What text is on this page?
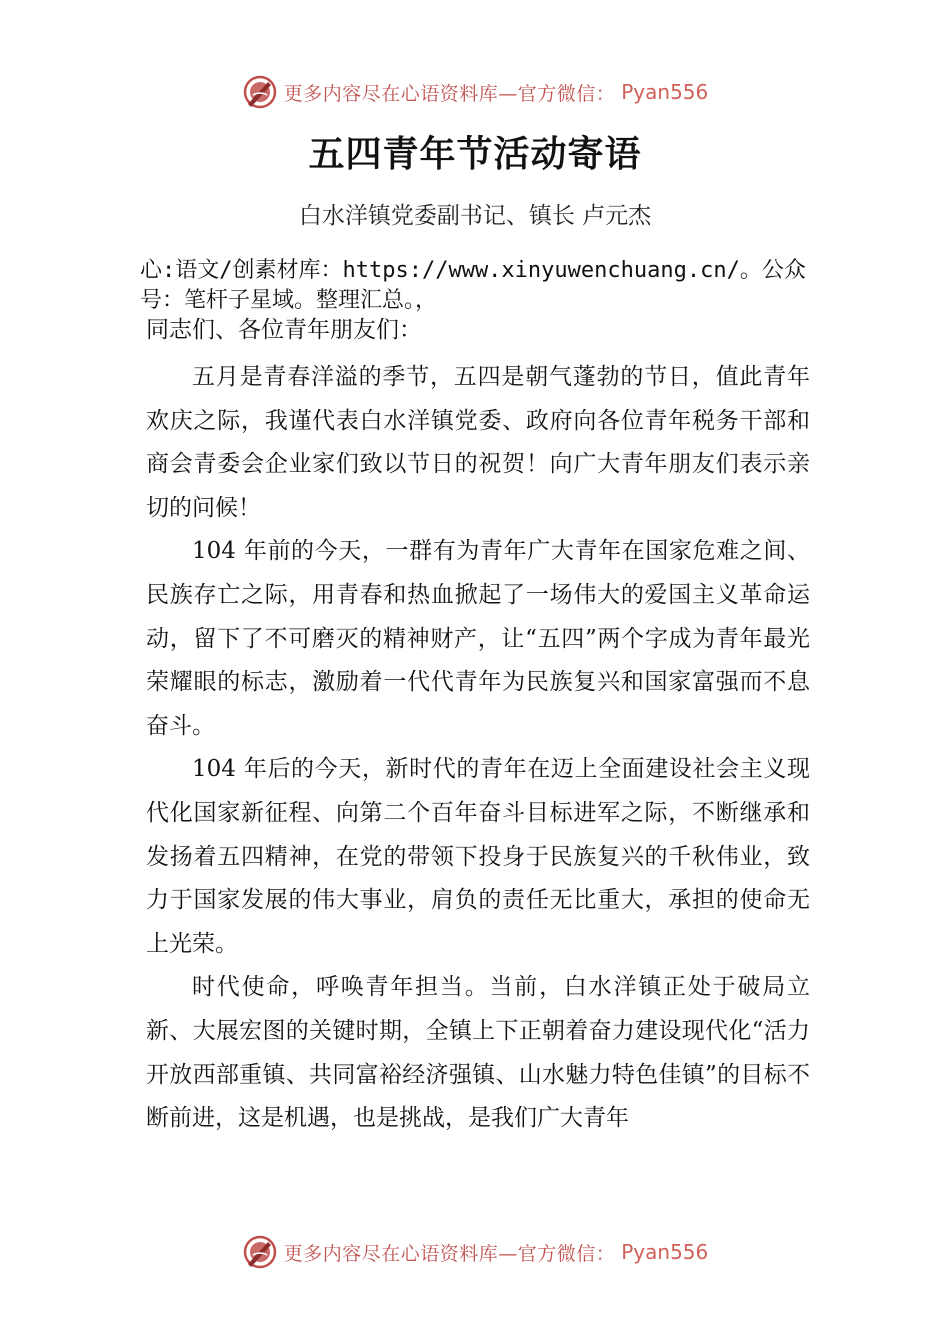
更多内容尽在心语资料库—官方微信： Pyan556
五四青年节活动寄语
白水洋镇党委副书记、镇长 卢元杰
心:语文/创素材库：https://www.xinyuwenchuang.cn/。公众号：笔杆子星域。整理汇总。，
同志们、各位青年朋友们：

五月是青春洋溢的季节，五四是朝气蓬勃的节日，值此青年欢庆之际，我谨代表白水洋镇党委、政府向各位青年税务干部和商会青委会企业家们致以节日的祝贺！向广大青年朋友们表示亲切的问候！

104 年前的今天，一群有为青年广大青年在国家危难之间、民族存亡之际，用青春和热血掀起了一场伟大的爱国主义革命运动，留下了不可磨灭的精神财产，让“五四”两个字成为青年最光荣耀眼的标志，激励着一代代青年为民族复兴和国家富强而不息奋斗。

104 年后的今天，新时代的青年在迈上全面建设社会主义现代化国家新征程、向第二个百年奋斗目标进军之际，不断继承和发扬着五四精神，在党的带领下投身于民族复兴的千秋伟业，致力于国家发展的伟大事业，肩负的责任无比重大，承担的使命无上光荣。

时代使命，呼唤青年担当。当前，白水洋镇正处于破局立新、大展宏图的关键时期，全镇上下正朝着奋力建设现代化“活力开放西部重镇、共同富裕经济强镇、山水魅力特色佳镇”的目标不断前进，这是机遇，也是挑战，是我们广大青年

更多内容尽在心语资料库—官方微信： Pyan556
